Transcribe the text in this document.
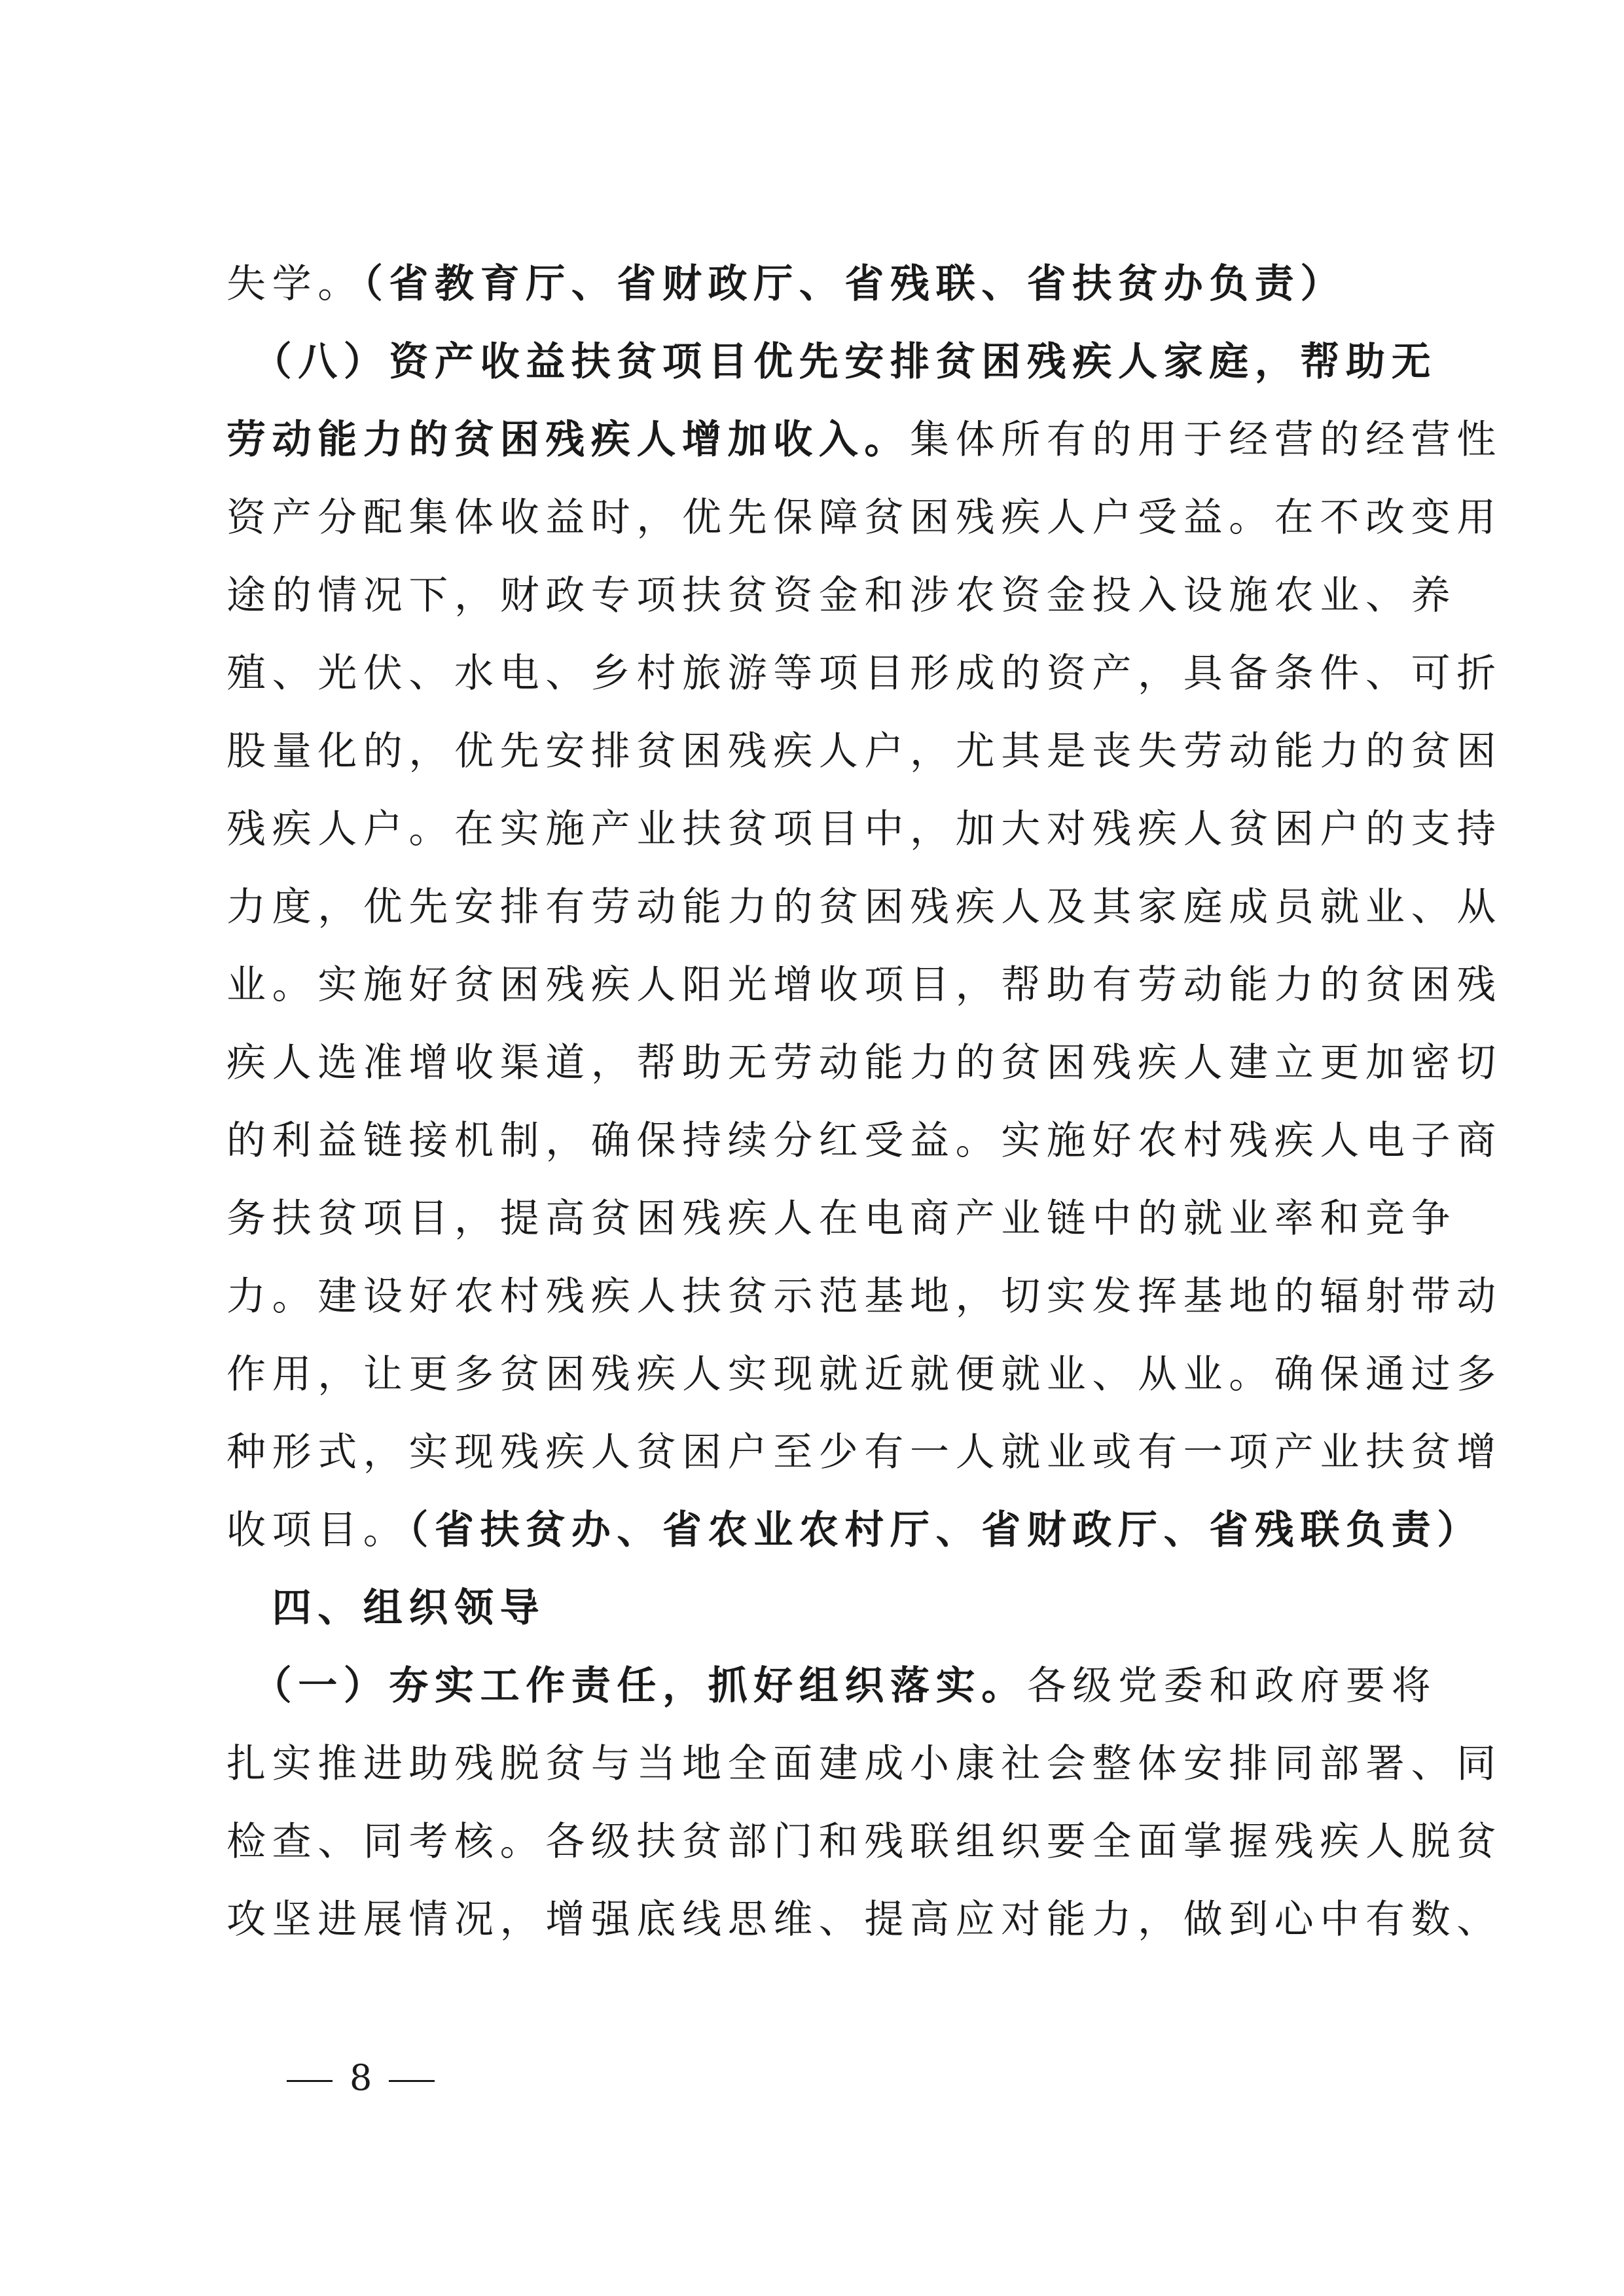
失学。（省教育厅、省财政厅、省残联、省扶贫办负责）
　（八）资产收益扶贫项目优先安排贫困残疾人家庭，帮助无
劳动能力的贫困残疾人增加收入。集体所有的用于经营的经营性
资产分配集体收益时，优先保障贫困残疾人户受益。在不改变用
途的情况下，财政专项扶贫资金和涉农资金投入设施农业、养
殖、光伏、水电、乡村旅游等项目形成的资产，具备条件、可折
股量化的，优先安排贫困残疾人户，尤其是丧失劳动能力的贫困
残疾人户。在实施产业扶贫项目中，加大对残疾人贫困户的支持
力度，优先安排有劳动能力的贫困残疾人及其家庭成员就业、从
业。实施好贫困残疾人阳光增收项目，帮助有劳动能力的贫困残
疾人选准增收渠道，帮助无劳动能力的贫困残疾人建立更加密切
的利益链接机制，确保持续分红受益。实施好农村残疾人电子商
务扶贫项目，提高贫困残疾人在电商产业链中的就业率和竞争
力。建设好农村残疾人扶贫示范基地，切实发挥基地的辐射带动
作用，让更多贫困残疾人实现就近就便就业、从业。确保通过多
种形式，实现残疾人贫困户至少有一人就业或有一项产业扶贫增
收项目。（省扶贫办、省农业农村厅、省财政厅、省残联负责）
　四、组织领导
　（一）夯实工作责任，抓好组织落实。各级党委和政府要将
扎实推进助残脱贫与当地全面建成小康社会整体安排同部署、同
检查、同考核。各级扶贫部门和残联组织要全面掌握残疾人脱贫
攻坚进展情况，增强底线思维、提高应对能力，做到心中有数、
8
